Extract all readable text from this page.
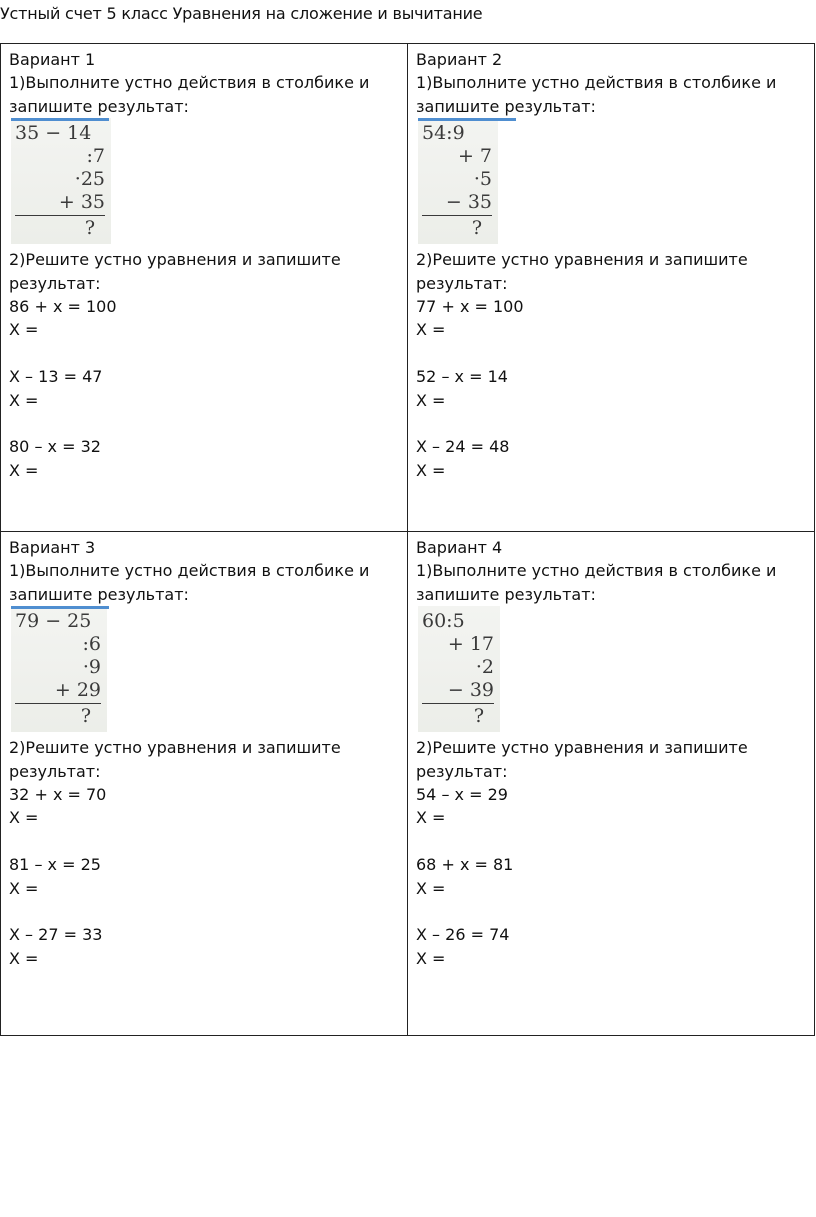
Устный счет 5 класс Уравнения на сложение и вычитание
Вариант 1
1)Выполните устно действия в столбике и
запишите результат:
35 − 14
:7
·25
+ 35
?
2)Решите устно уравнения и запишите
результат:
86 + x = 100
X =
X – 13 = 47
X =
80 – x = 32
X =
Вариант 2
1)Выполните устно действия в столбике и
запишите результат:
54:9
+ 7
·5
− 35
?
2)Решите устно уравнения и запишите
результат:
77 + x = 100
X =
52 – x = 14
X =
X – 24 = 48
X =
Вариант 3
1)Выполните устно действия в столбике и
запишите результат:
79 − 25
:6
·9
+ 29
?
2)Решите устно уравнения и запишите
результат:
32 + x = 70
X =
81 – x = 25
X =
X – 27 = 33
X =
Вариант 4
1)Выполните устно действия в столбике и
запишите результат:
60:5
+ 17
·2
− 39
?
2)Решите устно уравнения и запишите
результат:
54 – x = 29
X =
68 + x = 81
X =
X – 26 = 74
X =
